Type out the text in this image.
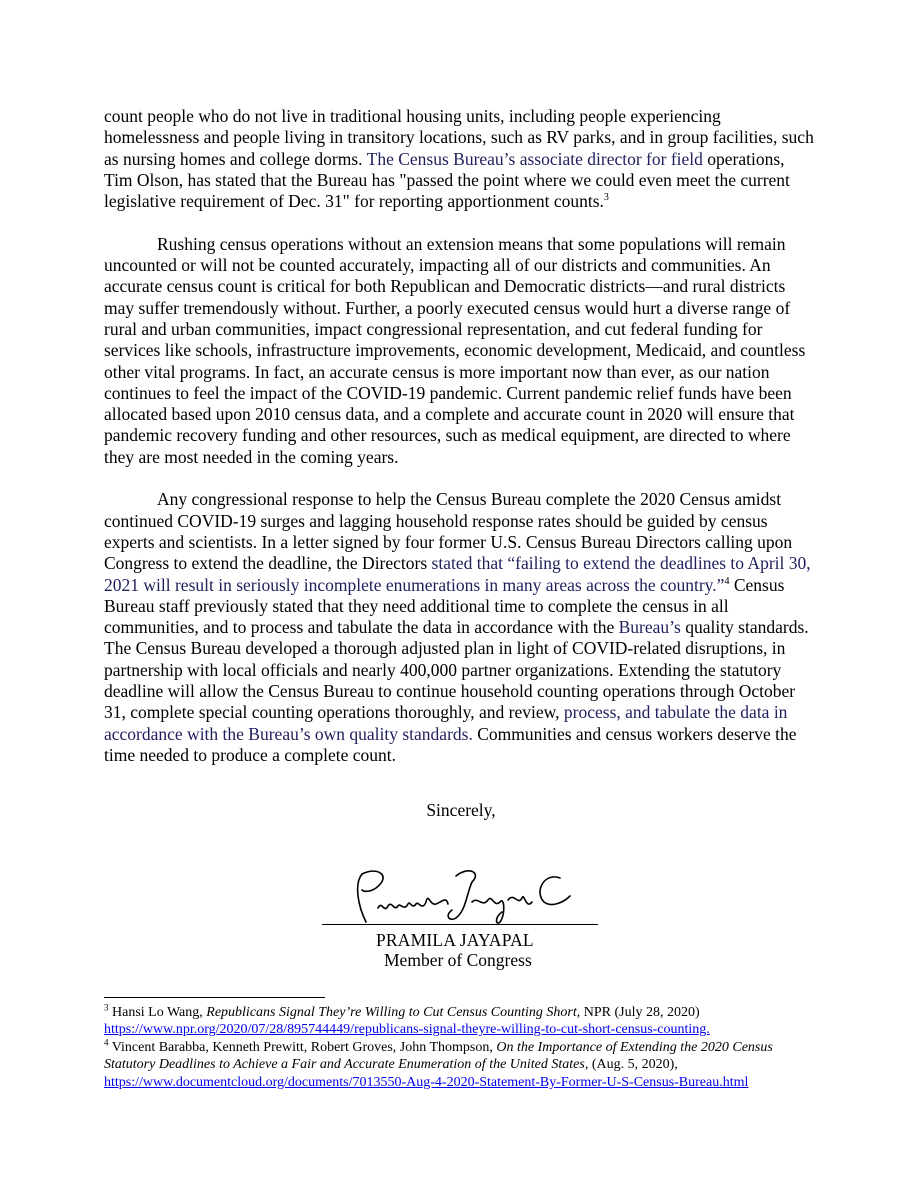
count people who do not live in traditional housing units, including people experiencing homelessness and people living in transitory locations, such as RV parks, and in group facilities, such as nursing homes and college dorms. The Census Bureau’s associate director for field operations, Tim Olson, has stated that the Bureau has "passed the point where we could even meet the current legislative requirement of Dec. 31" for reporting apportionment counts.$^3$

Rushing census operations without an extension means that some populations will remain uncounted or will not be counted accurately, impacting all of our districts and communities. An accurate census count is critical for both Republican and Democratic districts—and rural districts may suffer tremendously without. Further, a poorly executed census would hurt a diverse range of rural and urban communities, impact congressional representation, and cut federal funding for services like schools, infrastructure improvements, economic development, Medicaid, and countless other vital programs. In fact, an accurate census is more important now than ever, as our nation continues to feel the impact of the COVID-19 pandemic. Current pandemic relief funds have been allocated based upon 2010 census data, and a complete and accurate count in 2020 will ensure that pandemic recovery funding and other resources, such as medical equipment, are directed to where they are most needed in the coming years.

Any congressional response to help the Census Bureau complete the 2020 Census amidst continued COVID-19 surges and lagging household response rates should be guided by census experts and scientists. In a letter signed by four former U.S. Census Bureau Directors calling upon Congress to extend the deadline, the Directors stated that “failing to extend the deadlines to April 30, 2021 will result in seriously incomplete enumerations in many areas across the country.”$^4$ Census Bureau staff previously stated that they need additional time to complete the census in all communities, and to process and tabulate the data in accordance with the Bureau’s quality standards. The Census Bureau developed a thorough adjusted plan in light of COVID-related disruptions, in partnership with local officials and nearly 400,000 partner organizations. Extending the statutory deadline will allow the Census Bureau to continue household counting operations through October 31, complete special counting operations thoroughly, and review, process, and tabulate the data in accordance with the Bureau’s own quality standards. Communities and census workers deserve the time needed to produce a complete count.

Sincerely,
PRAMILA JAYAPAL
Member of Congress

$^3$ Hansi Lo Wang, Republicans Signal They’re Willing to Cut Census Counting Short, NPR (July 28, 2020)
https://www.npr.org/2020/07/28/895744449/republicans-signal-theyre-willing-to-cut-short-census-counting.

$^4$ Vincent Barabba, Kenneth Prewitt, Robert Groves, John Thompson, On the Importance of Extending the 2020 Census Statutory Deadlines to Achieve a Fair and Accurate Enumeration of the United States, (Aug. 5, 2020),
https://www.documentcloud.org/documents/7013550-Aug-4-2020-Statement-By-Former-U-S-Census-Bureau.html
